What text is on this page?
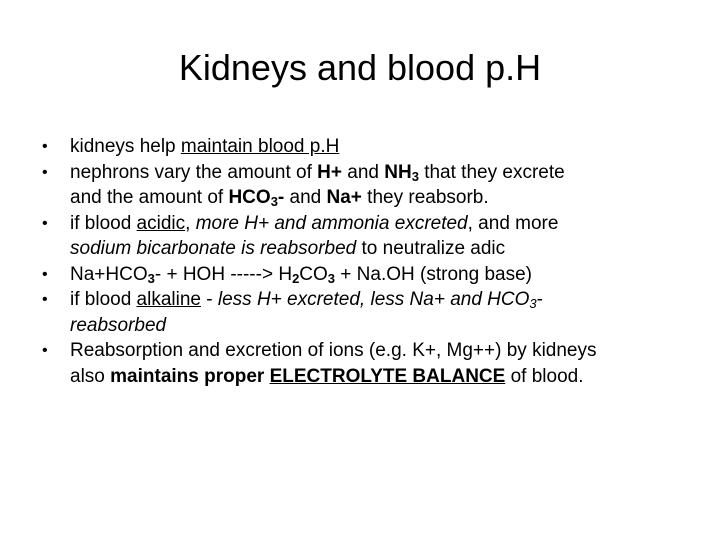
Kidneys and blood p.H
• kidneys help maintain blood p.H
• nephrons vary the amount of H+ and $NH_3$ that they excrete
and the amount of $HCO_3-$ and Na+ they reabsorb.
• if blood acidic, more H+ and ammonia excreted, and more
sodium bicarbonate is reabsorbed to neutralize adic
• $Na+HCO_3-$ + HOH -----> $H_2CO_3 + Na.OH$ (strong base)
• if blood alkaline - less H+ excreted, less Na+ and $HCO_3-$
reabsorbed
• Reabsorption and excretion of ions (e.g. K+, Mg++) by kidneys
also maintains proper ELECTROLYTE BALANCE of blood.
